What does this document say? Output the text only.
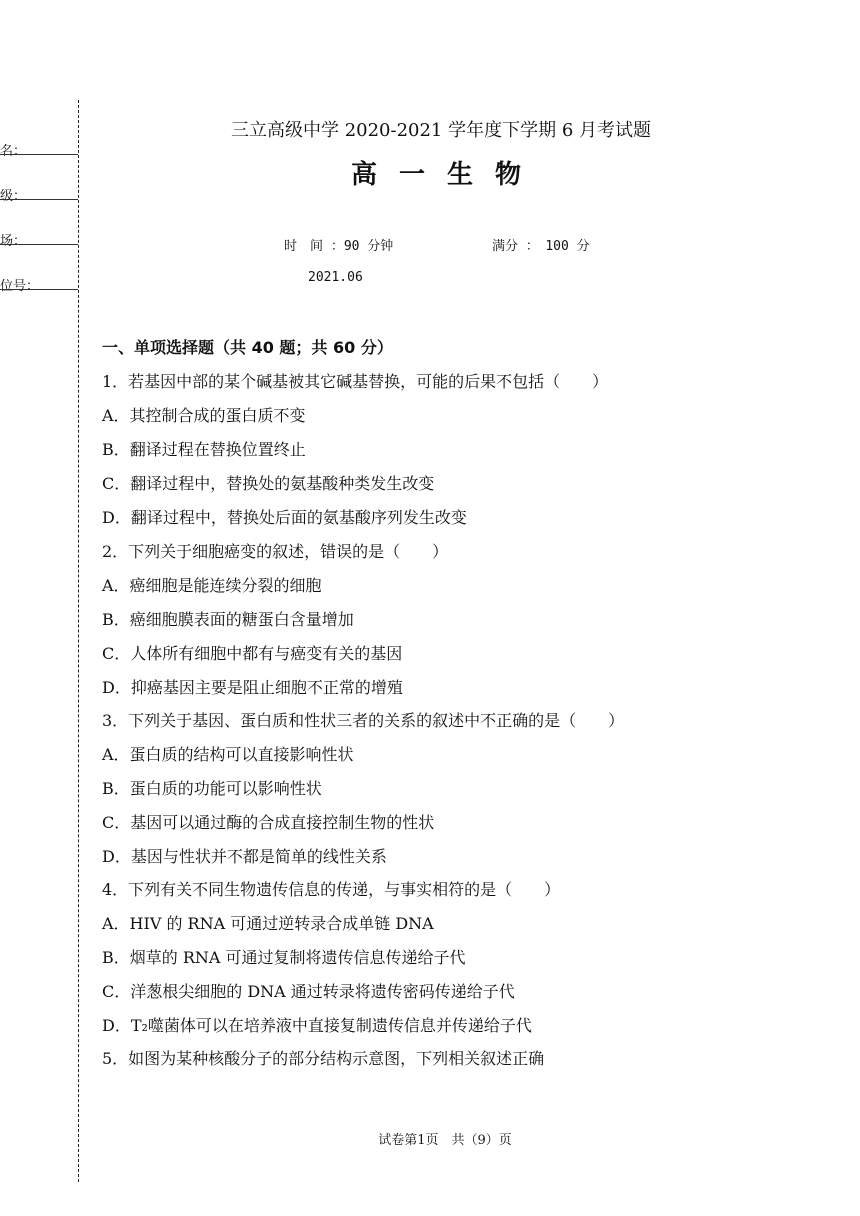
名：
级：
场：
位号：
三立高级中学 2020-2021 学年度下学期 6 月考试题
高一生物
时　间 ：90 分钟	满分 ：　100 分
2021.06
一、单项选择题（共 40 题；共 60 分）
1．若基因中部的某个碱基被其它碱基替换，可能的后果不包括（　　）
A．其控制合成的蛋白质不变
B．翻译过程在替换位置终止
C．翻译过程中，替换处的氨基酸种类发生改变
D．翻译过程中，替换处后面的氨基酸序列发生改变
2．下列关于细胞癌变的叙述，错误的是（　　）
A．癌细胞是能连续分裂的细胞
B．癌细胞膜表面的糖蛋白含量增加
C．人体所有细胞中都有与癌变有关的基因
D．抑癌基因主要是阻止细胞不正常的增殖
3．下列关于基因、蛋白质和性状三者的关系的叙述中不正确的是（　　）
A．蛋白质的结构可以直接影响性状
B．蛋白质的功能可以影响性状
C．基因可以通过酶的合成直接控制生物的性状
D．基因与性状并不都是简单的线性关系
4．下列有关不同生物遗传信息的传递，与事实相符的是（　　）
A．HIV 的 RNA 可通过逆转录合成单链 DNA
B．烟草的 RNA 可通过复制将遗传信息传递给子代
C．洋葱根尖细胞的 DNA 通过转录将遗传密码传递给子代
D．T₂噬菌体可以在培养液中直接复制遗传信息并传递给子代
5．如图为某种核酸分子的部分结构示意图，下列相关叙述正确
试卷第1页　共（9）页
